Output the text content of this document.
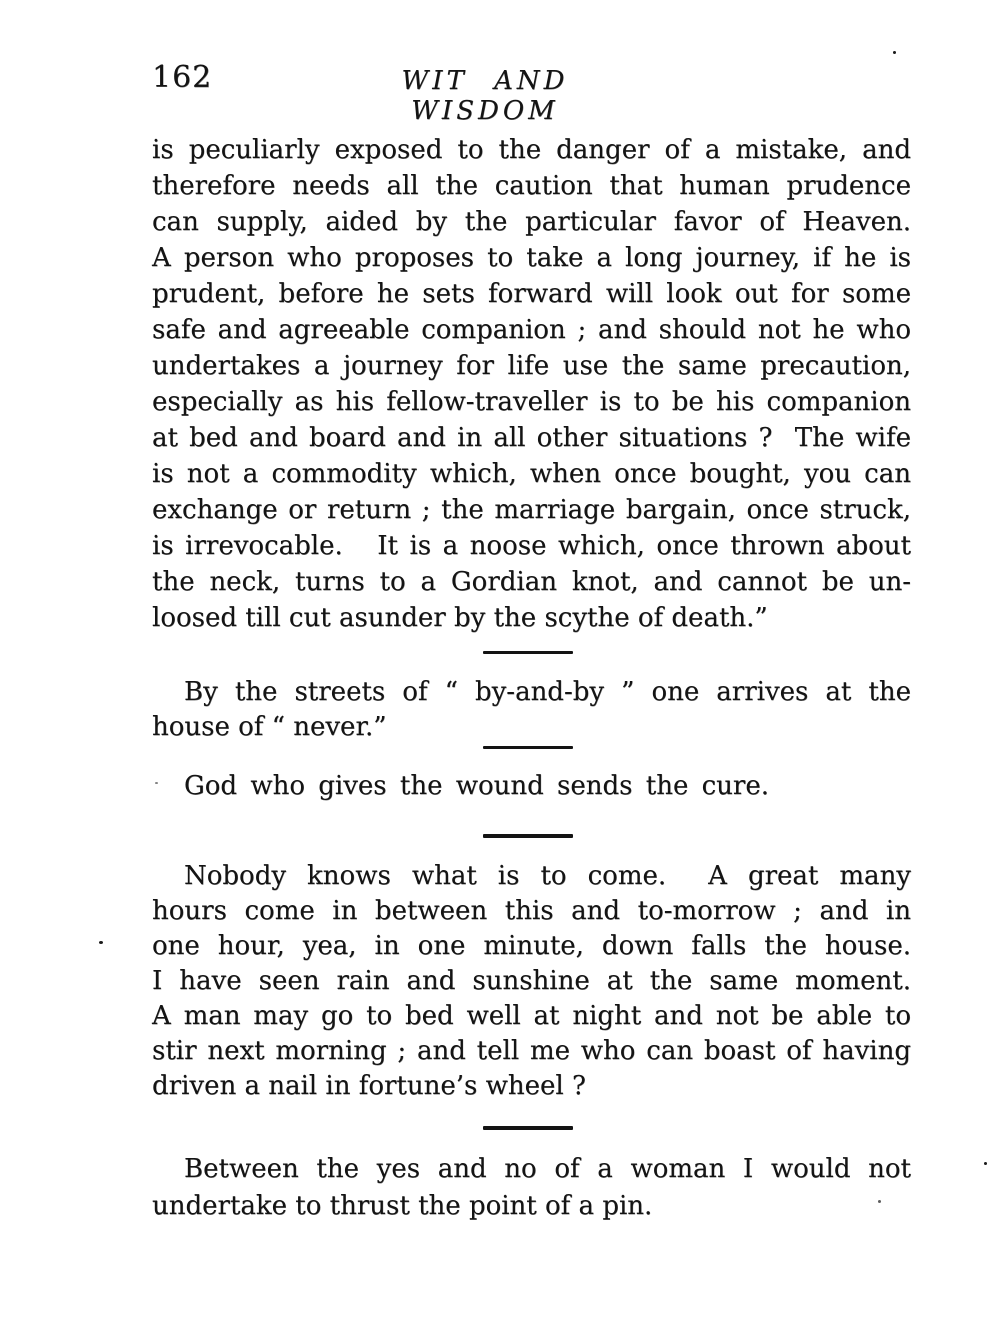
162	WIT AND WISDOM
is peculiarly exposed to the danger of a mistake, and
therefore needs all the caution that human prudence
can supply, aided by the particular favor of Heaven.
A person who proposes to take a long journey, if he is
prudent, before he sets forward will look out for some
safe and agreeable companion ; and should not he who
undertakes a journey for life use the same precaution,
especially as his fellow-traveller is to be his companion
at bed and board and in all other situations ?  The wife
is not a commodity which, when once bought, you can
exchange or return ; the marriage bargain, once struck,
is irrevocable.   It is a noose which, once thrown about
the neck, turns to a Gordian knot, and cannot be un-
loosed till cut asunder by the scythe of death.”
By the streets of “ by-and-by ” one arrives at the
house of “ never.”
God who gives the wound sends the cure.
Nobody knows what is to come.  A great many
hours come in between this and to-morrow ; and in
one hour, yea, in one minute, down falls the house.
I have seen rain and sunshine at the same moment.
A man may go to bed well at night and not be able to
stir next morning ; and tell me who can boast of having
driven a nail in fortune’s wheel ?
Between the yes and no of a woman I would not
undertake to thrust the point of a pin.
